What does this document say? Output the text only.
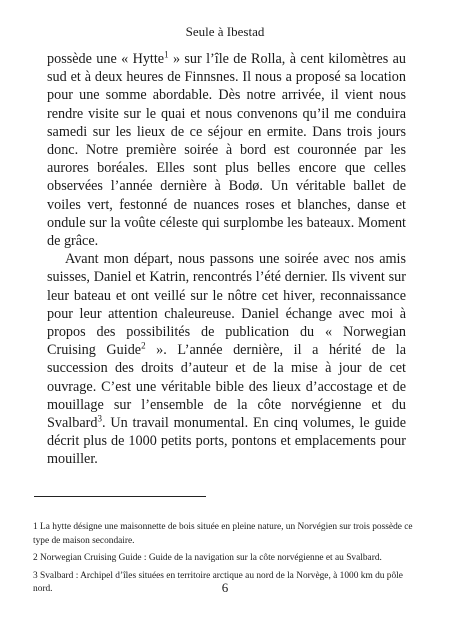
Seule à Ibestad

possède une « Hytte$^1$ » sur l’île de Rolla, à cent kilomètres au sud et à deux heures de Finnsnes. Il nous a proposé sa location pour une somme abordable. Dès notre arrivée, il vient nous rendre visite sur le quai et nous convenons qu’il me conduira samedi sur les lieux de ce séjour en ermite. Dans trois jours donc. Notre première soirée à bord est couronnée par les aurores boréales. Elles sont plus belles encore que celles observées l’année dernière à Bodø. Un véritable ballet de voiles vert, festonné de nuances roses et blanches, danse et ondule sur la voûte céleste qui surplombe les bateaux. Moment de grâce.

Avant mon départ, nous passons une soirée avec nos amis suisses, Daniel et Katrin, rencontrés l’été dernier. Ils vivent sur leur bateau et ont veillé sur le nôtre cet hiver, reconnaissance pour leur attention chaleureuse. Daniel échange avec moi à propos des possibilités de publication du « Norwegian Cruising Guide$^2$ ». L’année dernière, il a hérité de la succession des droits d’auteur et de la mise à jour de cet ouvrage. C’est une véritable bible des lieux d’accostage et de mouillage sur l’ensemble de la côte norvégienne et du Svalbard$^3$. Un travail monumental. En cinq volumes, le guide décrit plus de 1000 petits ports, pontons et emplacements pour mouiller.

1 La hytte désigne une maisonnette de bois située en pleine nature, un Norvégien sur trois possède ce type de maison secondaire.
2 Norwegian Cruising Guide : Guide de la navigation sur la côte norvégienne et au Svalbard.
3 Svalbard : Archipel d’îles situées en territoire arctique au nord de la Norvège, à 1000 km du pôle nord.	6
